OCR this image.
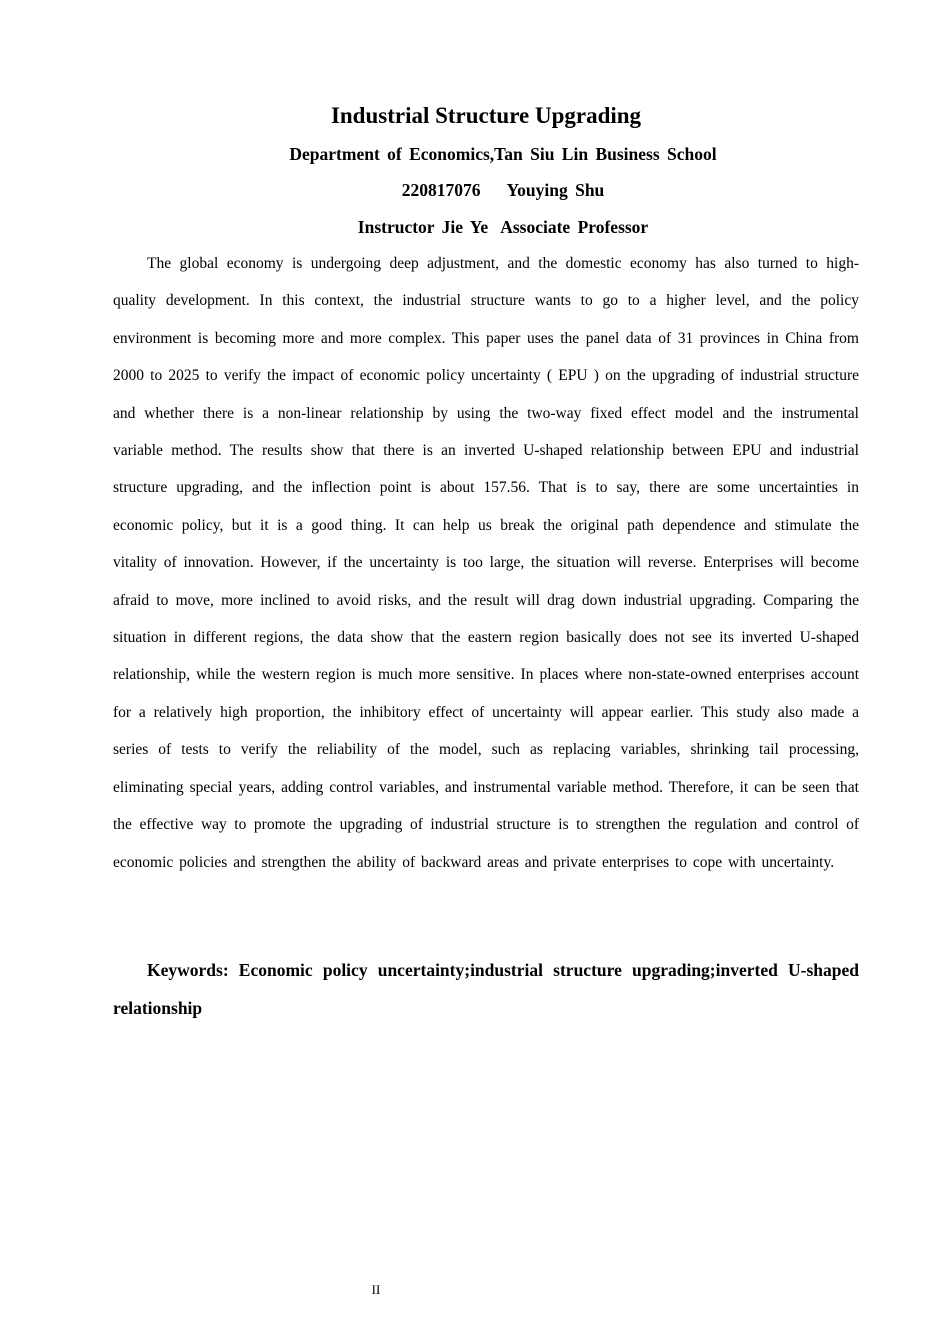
Industrial Structure Upgrading
Department of Economics,Tan Siu Lin Business School
220817076 Youying Shu
Instructor Jie Ye Associate Professor

The global economy is undergoing deep adjustment, and the domestic economy has also turned to high-quality development. In this context, the industrial structure wants to go to a higher level, and the policy environment is becoming more and more complex. This paper uses the panel data of 31 provinces in China from 2000 to 2025 to verify the impact of economic policy uncertainty ( EPU ) on the upgrading of industrial structure and whether there is a non-linear relationship by using the two-way fixed effect model and the instrumental variable method. The results show that there is an inverted U-shaped relationship between EPU and industrial structure upgrading, and the inflection point is about 157.56. That is to say, there are some uncertainties in economic policy, but it is a good thing. It can help us break the original path dependence and stimulate the vitality of innovation. However, if the uncertainty is too large, the situation will reverse. Enterprises will become afraid to move, more inclined to avoid risks, and the result will drag down industrial upgrading. Comparing the situation in different regions, the data show that the eastern region basically does not see its inverted U-shaped relationship, while the western region is much more sensitive. In places where non-state-owned enterprises account for a relatively high proportion, the inhibitory effect of uncertainty will appear earlier. This study also made a series of tests to verify the reliability of the model, such as replacing variables, shrinking tail processing, eliminating special years, adding control variables, and instrumental variable method. Therefore, it can be seen that the effective way to promote the upgrading of industrial structure is to strengthen the regulation and control of economic policies and strengthen the ability of backward areas and private enterprises to cope with uncertainty.

Keywords: Economic policy uncertainty;industrial structure upgrading;inverted U-shaped relationship

II
